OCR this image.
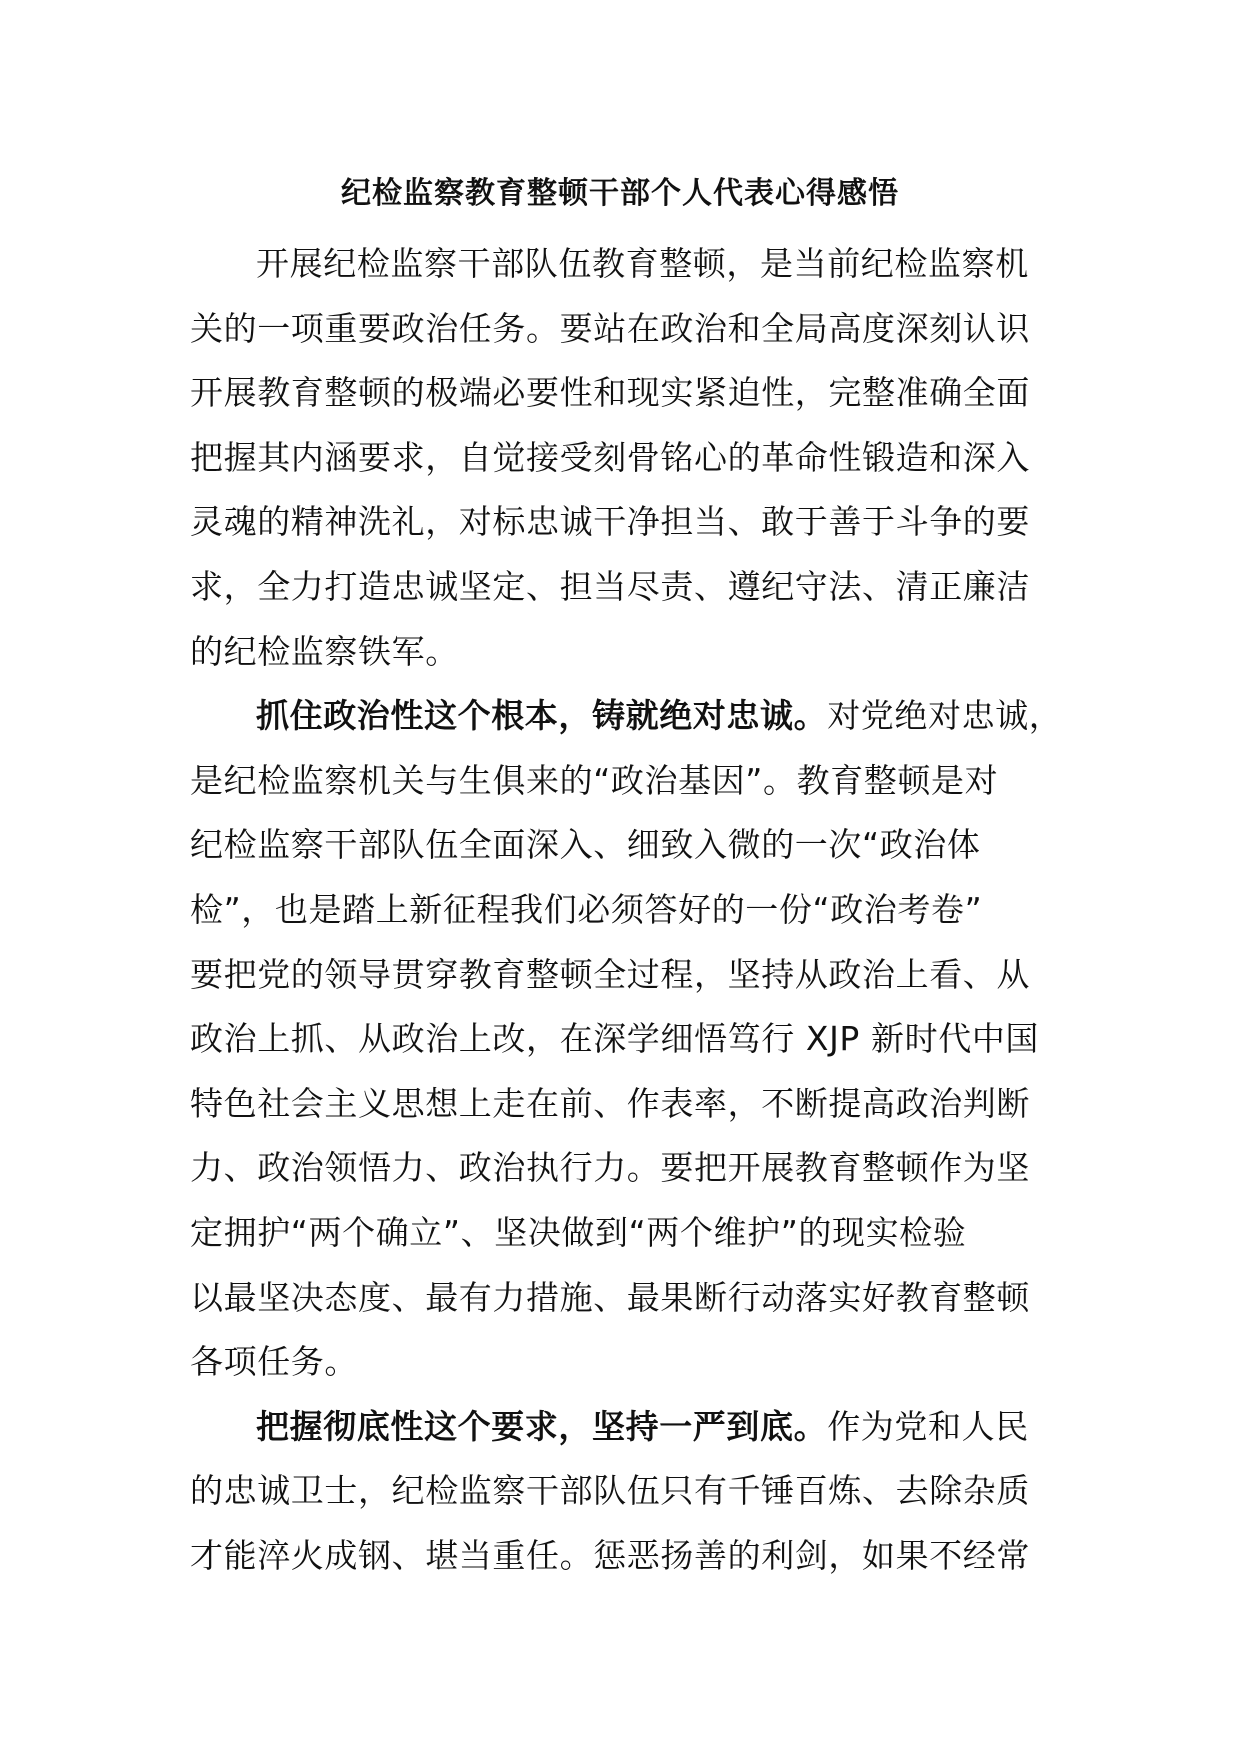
纪检监察教育整顿干部个人代表心得感悟
开展纪检监察干部队伍教育整顿，是当前纪检监察机
关的一项重要政治任务。要站在政治和全局高度深刻认识
开展教育整顿的极端必要性和现实紧迫性，完整准确全面
把握其内涵要求，自觉接受刻骨铭心的革命性锻造和深入
灵魂的精神洗礼，对标忠诚干净担当、敢于善于斗争的要
求，全力打造忠诚坚定、担当尽责、遵纪守法、清正廉洁
的纪检监察铁军。
抓住政治性这个根本，铸就绝对忠诚。对党绝对忠诚，
是纪检监察机关与生俱来的“政治基因”。教育整顿是对
纪检监察干部队伍全面深入、细致入微的一次“政治体
检”，也是踏上新征程我们必须答好的一份“政治考卷”
要把党的领导贯穿教育整顿全过程，坚持从政治上看、从
政治上抓、从政治上改，在深学细悟笃行 XJP 新时代中国
特色社会主义思想上走在前、作表率，不断提高政治判断
力、政治领悟力、政治执行力。要把开展教育整顿作为坚
定拥护“两个确立”、坚决做到“两个维护”的现实检验
以最坚决态度、最有力措施、最果断行动落实好教育整顿
各项任务。
把握彻底性这个要求，坚持一严到底。作为党和人民
的忠诚卫士，纪检监察干部队伍只有千锤百炼、去除杂质
才能淬火成钢、堪当重任。惩恶扬善的利剑，如果不经常
